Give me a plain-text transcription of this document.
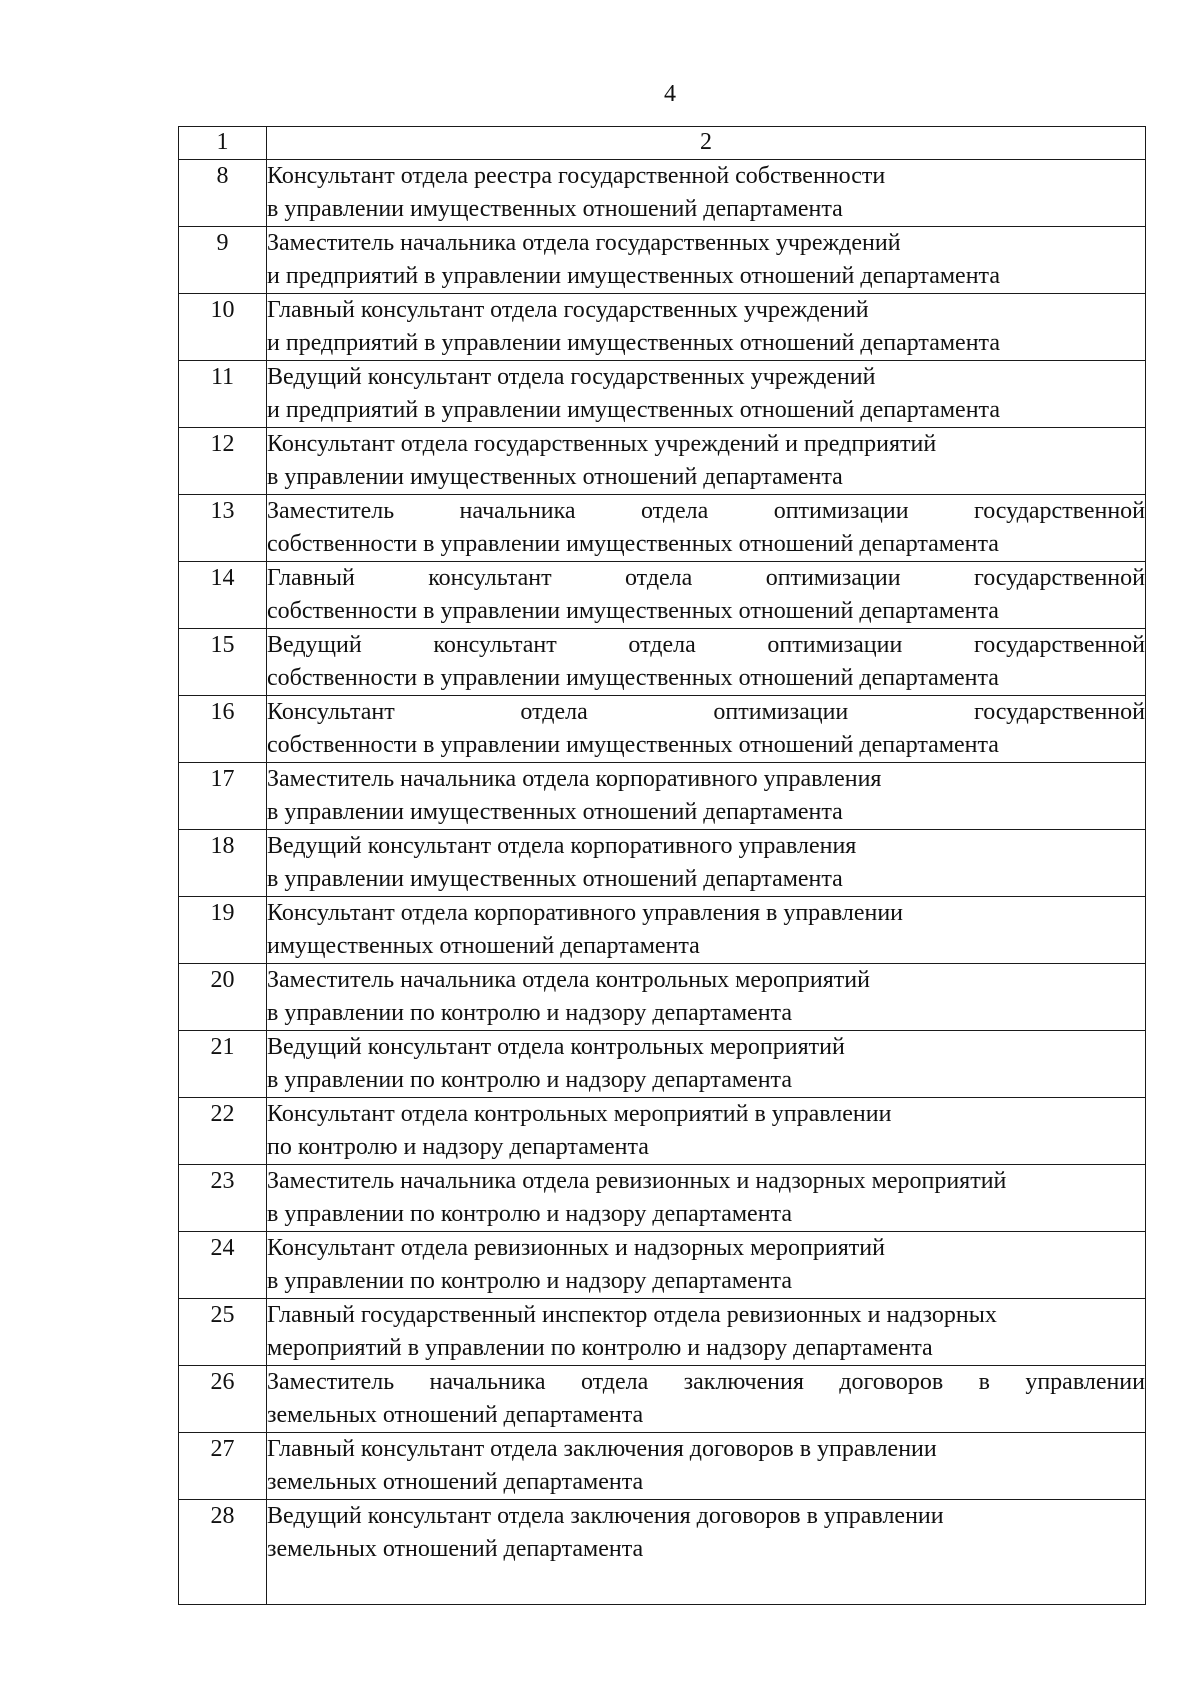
4
1	2
8	Консультант отдела реестра государственной собственности
в управлении имущественных отношений департамента

9	Заместитель начальника отдела государственных учреждений
и предприятий в управлении имущественных отношений департамента

10	Главный консультант отдела государственных учреждений
и предприятий в управлении имущественных отношений департамента

11	Ведущий консультант отдела государственных учреждений
и предприятий в управлении имущественных отношений департамента

12	Консультант отдела государственных учреждений и предприятий
в управлении имущественных отношений департамента

13	Заместитель начальника отдела оптимизации государственной
собственности в управлении имущественных отношений департамента

14	Главный консультант отдела оптимизации государственной
собственности в управлении имущественных отношений департамента

15	Ведущий консультант отдела оптимизации государственной
собственности в управлении имущественных отношений департамента

16	Консультант отдела оптимизации государственной
собственности в управлении имущественных отношений департамента

17	Заместитель начальника отдела корпоративного управления
в управлении имущественных отношений департамента

18	Ведущий консультант отдела корпоративного управления
в управлении имущественных отношений департамента

19	Консультант отдела корпоративного управления в управлении
имущественных отношений департамента

20	Заместитель начальника отдела контрольных мероприятий
в управлении по контролю и надзору департамента

21	Ведущий консультант отдела контрольных мероприятий
в управлении по контролю и надзору департамента

22	Консультант отдела контрольных мероприятий в управлении
по контролю и надзору департамента

23	Заместитель начальника отдела ревизионных и надзорных мероприятий
в управлении по контролю и надзору департамента

24	Консультант отдела ревизионных и надзорных мероприятий
в управлении по контролю и надзору департамента

25	Главный государственный инспектор отдела ревизионных и надзорных
мероприятий в управлении по контролю и надзору департамента

26	Заместитель начальника отдела заключения договоров в управлении
земельных отношений департамента

27	Главный консультант отдела заключения договоров в управлении
земельных отношений департамента

28	Ведущий консультант отдела заключения договоров в управлении
земельных отношений департамента
